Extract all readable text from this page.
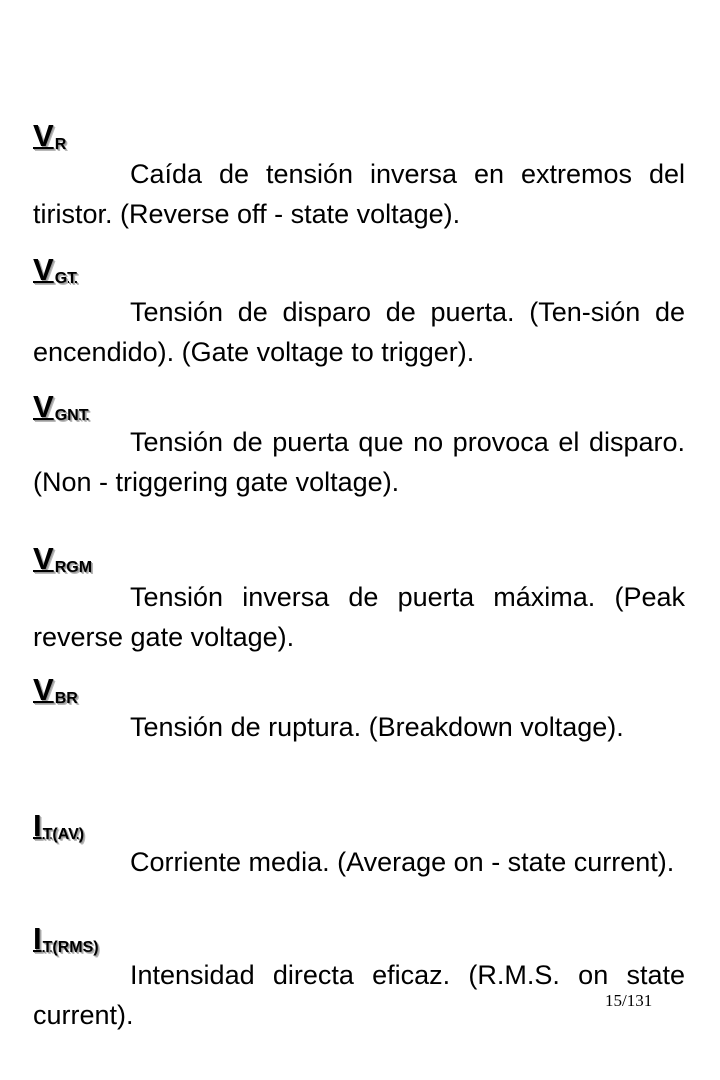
VR

Caída de tensión inversa en extremos del tiristor. (Reverse off - state voltage).

VGT

Tensión de disparo de puerta. (Ten-sión de encendido). (Gate voltage to trigger).

VGNT

Tensión de puerta que no provoca el disparo. (Non - triggering gate voltage).

VRGM

Tensión inversa de puerta máxima. (Peak reverse gate voltage).

VBR

Tensión de ruptura. (Breakdown voltage).

IT(AV)

Corriente media. (Average on - state current).

IT(RMS)

Intensidad directa eficaz. (R.M.S. on state current).	15/131
